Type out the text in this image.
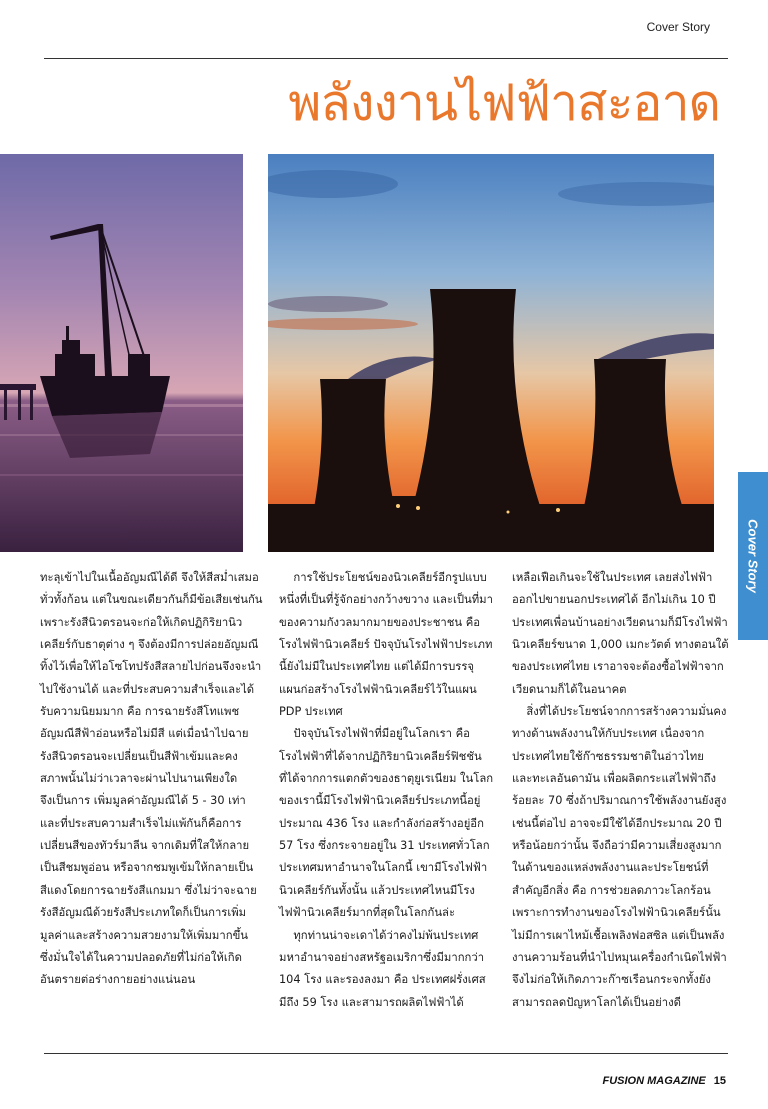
Cover Story
พลังงานไฟฟ้าสะอาด
Cover Story

ทะลุเข้าไปในเนื้ออัญมณีได้ดี จึงให้สีสม่ำเสมอ
ทั่วทั้งก้อน แต่ในขณะเดียวกันก็มีข้อเสียเช่นกัน
เพราะรังสีนิวตรอนจะก่อให้เกิดปฏิกิริยานิว
เคลียร์กับธาตุต่าง ๆ จึงต้องมีการปล่อยอัญมณี
ทิ้งไว้เพื่อให้ไอโซโทปรังสีสลายไปก่อนจึงจะนำ
ไปใช้งานได้ และที่ประสบความสำเร็จและได้
รับความนิยมมาก คือ การฉายรังสีโทแพช
อัญมณีสีฟ้าอ่อนหรือไม่มีสี แต่เมื่อนำไปฉาย
รังสีนิวตรอนจะเปลี่ยนเป็นสีฟ้าเข้มและคง
สภาพนั้นไม่ว่าเวลาจะผ่านไปนานเพียงใด
จึงเป็นการ เพิ่มมูลค่าอัญมณีได้ 5 - 30 เท่า
และที่ประสบความสำเร็จไม่แพ้กันก็คือการ
เปลี่ยนสีของทัวร์มาลีน จากเดิมที่ใสให้กลาย
เป็นสีชมพูอ่อน หรือจากชมพูเข้มให้กลายเป็น
สีแดงโดยการฉายรังสีแกมมา ซึ่งไม่ว่าจะฉาย
รังสีอัญมณีด้วยรังสีประเภทใดก็เป็นการเพิ่ม
มูลค่าและสร้างความสวยงามให้เพิ่มมากขึ้น
ซึ่งมั่นใจได้ในความปลอดภัยที่ไม่ก่อให้เกิด
อันตรายต่อร่างกายอย่างแน่นอน

การใช้ประโยชน์ของนิวเคลียร์อีกรูปแบบ
หนึ่งที่เป็นที่รู้จักอย่างกว้างขวาง และเป็นที่มา
ของความกังวลมากมายของประชาชน คือ
โรงไฟฟ้านิวเคลียร์ ปัจจุบันโรงไฟฟ้าประเภท
นี้ยังไม่มีในประเทศไทย แต่ได้มีการบรรจุ
แผนก่อสร้างโรงไฟฟ้านิวเคลียร์ไว้ในแผน
PDP ประเทศ
ปัจจุบันโรงไฟฟ้าที่มีอยู่ในโลกเรา คือ
โรงไฟฟ้าที่ได้จากปฏิกิริยานิวเคลียร์ฟิชชัน
ที่ได้จากการแตกตัวของธาตุยูเรเนียม ในโลก
ของเรานี้มีโรงไฟฟ้านิวเคลียร์ประเภทนี้อยู่
ประมาณ 436 โรง และกำลังก่อสร้างอยู่อีก
57 โรง ซึ่งกระจายอยู่ใน 31 ประเทศทั่วโลก
ประเทศมหาอำนาจในโลกนี้ เขามีโรงไฟฟ้า
นิวเคลียร์กันทั้งนั้น แล้วประเทศไหนมีโรง
ไฟฟ้านิวเคลียร์มากที่สุดในโลกกันล่ะ
ทุกท่านน่าจะเดาได้ว่าคงไม่พ้นประเทศ
มหาอำนาจอย่างสหรัฐอเมริกาซึ่งมีมากกว่า
104 โรง และรองลงมา คือ ประเทศฝรั่งเศส
มีถึง 59 โรง และสามารถผลิตไฟฟ้าได้

เหลือเฟือเกินจะใช้ในประเทศ เลยส่งไฟฟ้า
ออกไปขายนอกประเทศได้ อีกไม่เกิน 10 ปี
ประเทศเพื่อนบ้านอย่างเวียดนามก็มีโรงไฟฟ้า
นิวเคลียร์ขนาด 1,000 เมกะวัตต์ ทางตอนใต้
ของประเทศไทย เราอาจจะต้องซื้อไฟฟ้าจาก
เวียดนามก็ได้ในอนาคต
สิ่งที่ได้ประโยชน์จากการสร้างความมั่นคง
ทางด้านพลังงานให้กับประเทศ เนื่องจาก
ประเทศไทยใช้ก๊าซธรรมชาติในอ่าวไทย
และทะเลอันดามัน เพื่อผลิตกระแสไฟฟ้าถึง
ร้อยละ 70 ซึ่งถ้าปริมาณการใช้พลังงานยังสูง
เช่นนี้ต่อไป อาจจะมีใช้ได้อีกประมาณ 20 ปี
หรือน้อยกว่านั้น จึงถือว่ามีความเสี่ยงสูงมาก
ในด้านของแหล่งพลังงานและประโยชน์ที่
สำคัญอีกสิ่ง คือ การช่วยลดภาวะโลกร้อน
เพราะการทำงานของโรงไฟฟ้านิวเคลียร์นั้น
ไม่มีการเผาไหม้เชื้อเพลิงฟอสซิล แต่เป็นพลัง
งานความร้อนที่นำไปหมุนเครื่องกำเนิดไฟฟ้า
จึงไม่ก่อให้เกิดภาวะก๊าซเรือนกระจกทั้งยัง
สามารถลดปัญหาโลกได้เป็นอย่างดี

FUSION MAGAZINE 15
